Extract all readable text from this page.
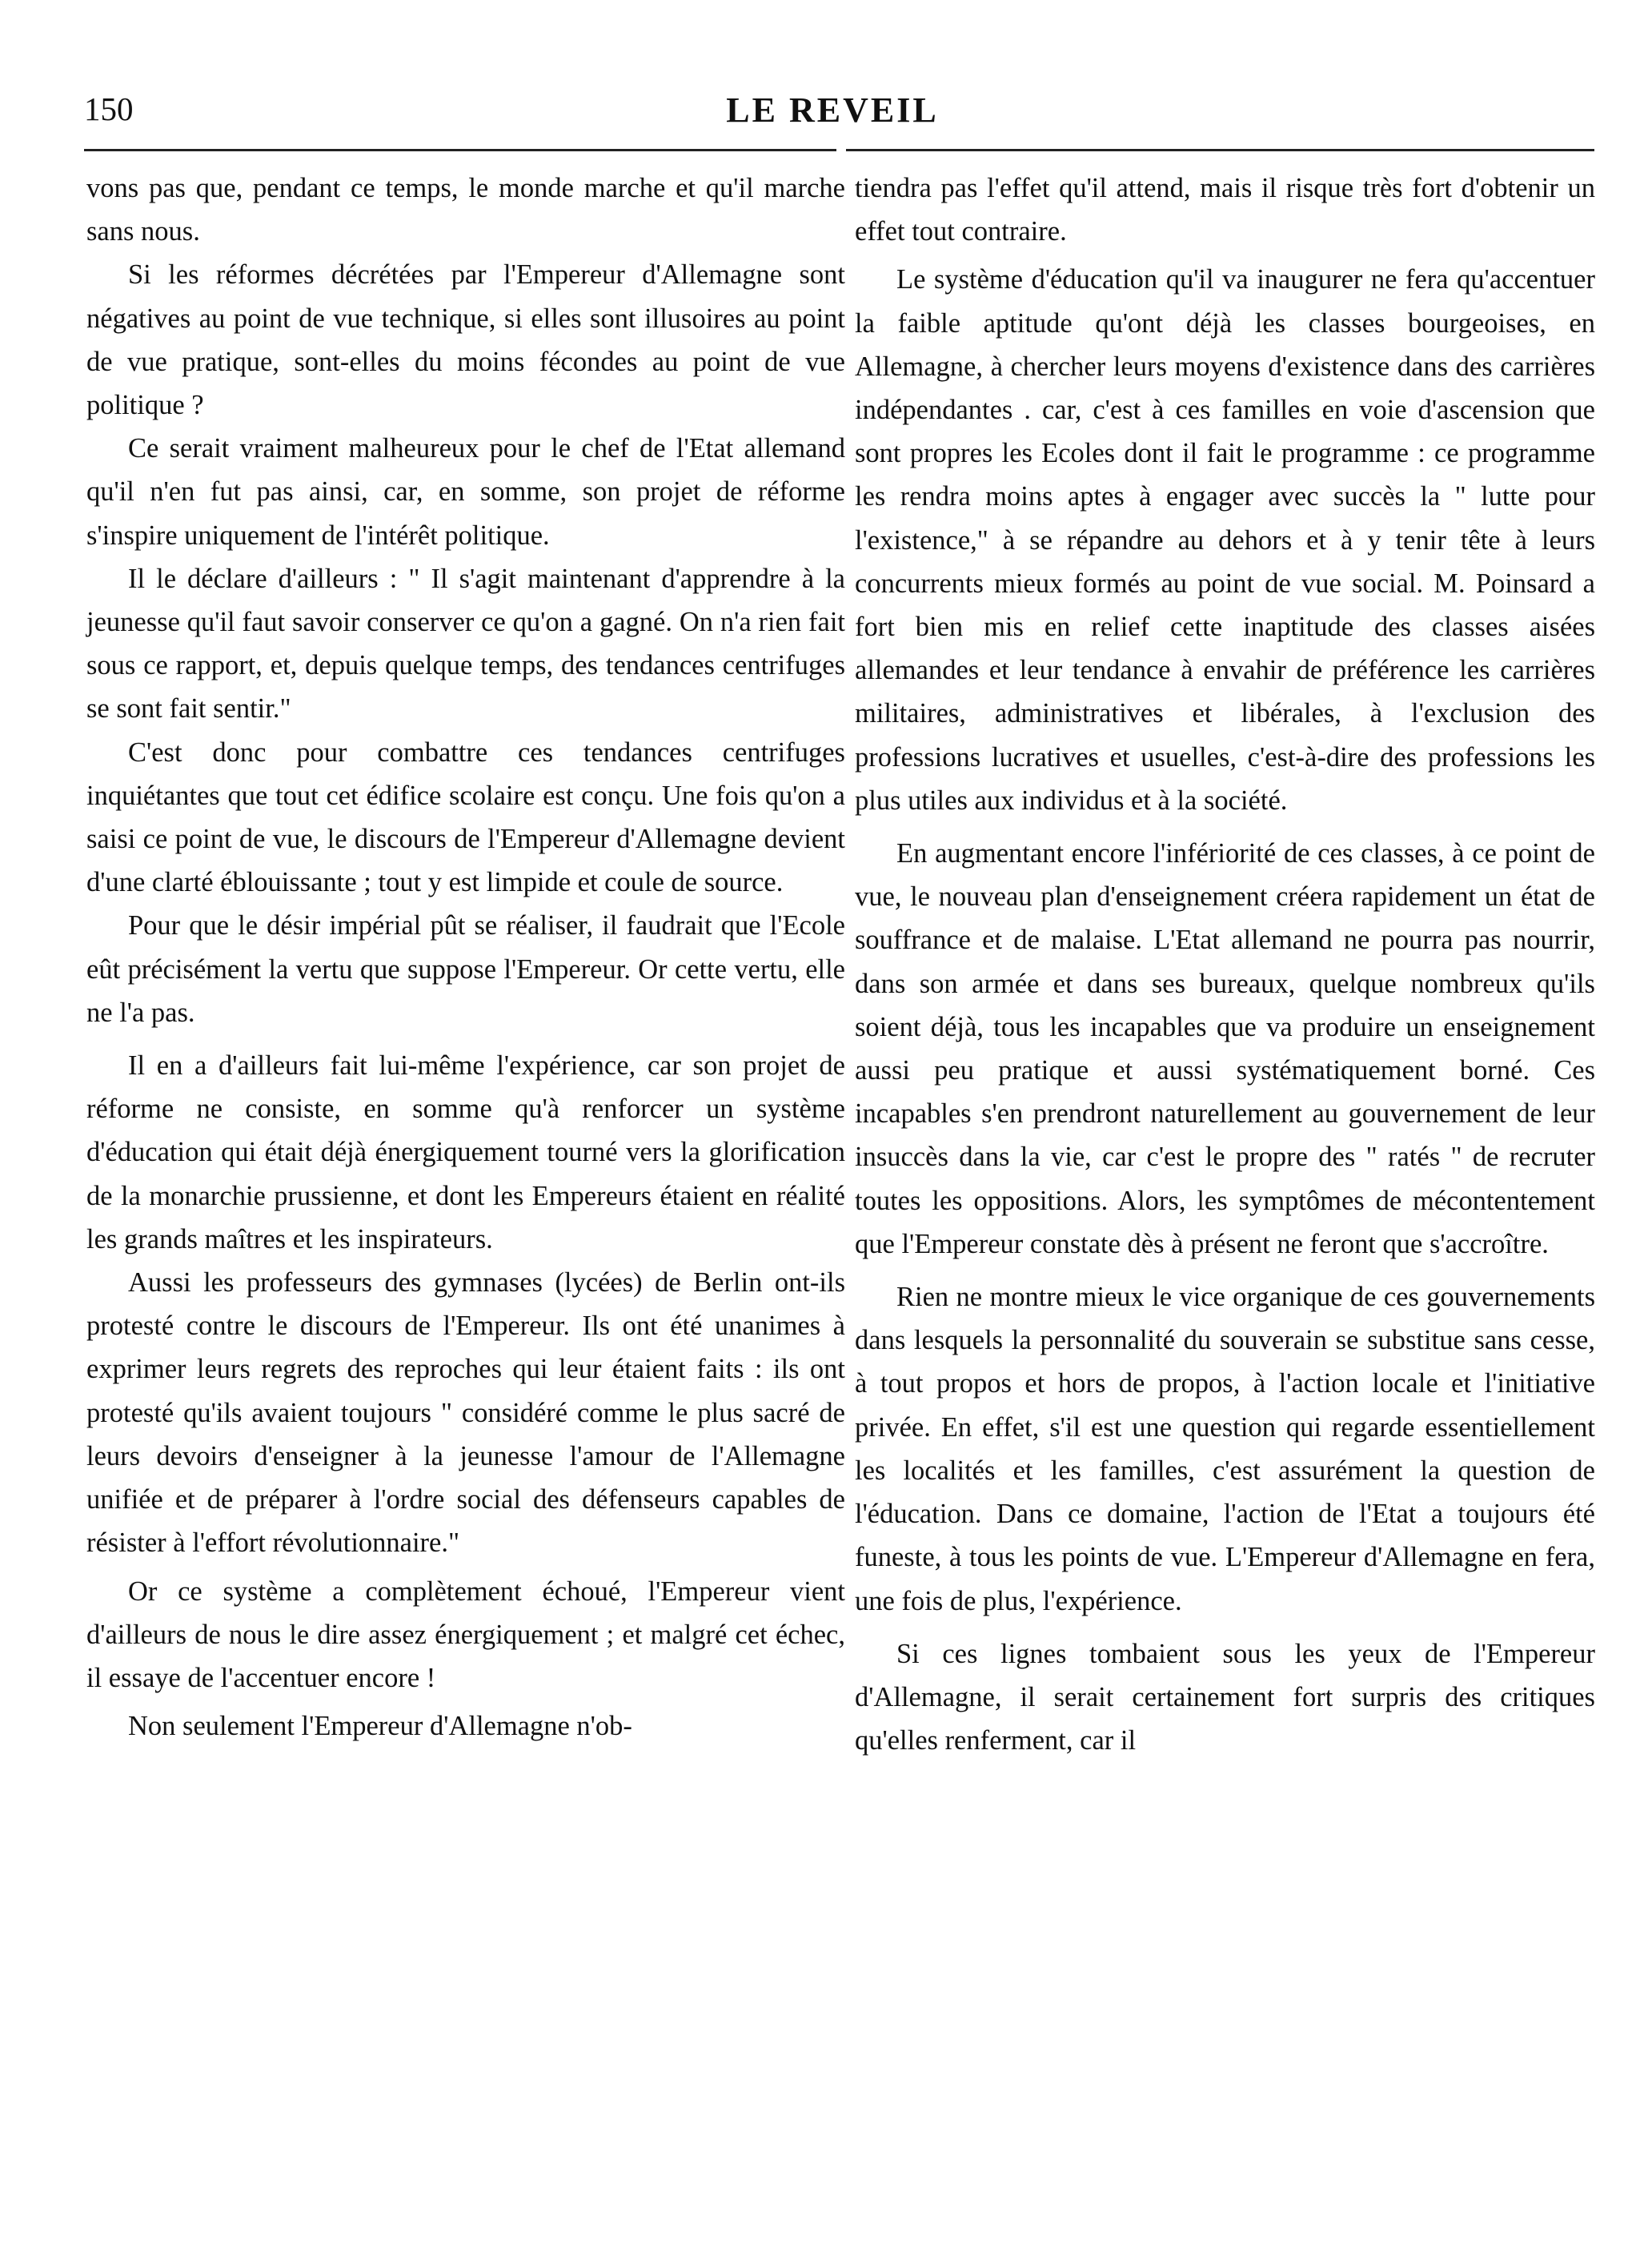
150	LE REVEIL

vons pas que, pendant ce temps, le monde marche et qu'il marche sans nous.

Si les réformes décrétées par l'Empereur d'Allemagne sont négatives au point de vue technique, si elles sont illusoires au point de vue pratique, sont-elles du moins fécondes au point de vue politique ?

Ce serait vraiment malheureux pour le chef de l'Etat allemand qu'il n'en fut pas ainsi, car, en somme, son projet de réforme s'inspire uniquement de l'intérêt politique.

Il le déclare d'ailleurs : " Il s'agit maintenant d'apprendre à la jeunesse qu'il faut savoir conserver ce qu'on a gagné. On n'a rien fait sous ce rapport, et, depuis quelque temps, des tendances centrifuges se sont fait sentir."

C'est donc pour combattre ces tendances centrifuges inquiétantes que tout cet édifice scolaire est conçu. Une fois qu'on a saisi ce point de vue, le discours de l'Empereur d'Allemagne devient d'une clarté éblouissante ; tout y est limpide et coule de source.

Pour que le désir impérial pût se réaliser, il faudrait que l'Ecole eût précisément la vertu que suppose l'Empereur. Or cette vertu, elle ne l'a pas.

Il en a d'ailleurs fait lui-même l'expérience, car son projet de réforme ne consiste, en somme qu'à renforcer un système d'éducation qui était déjà énergiquement tourné vers la glorification de la monarchie prussienne, et dont les Empereurs étaient en réalité les grands maîtres et les inspirateurs.

Aussi les professeurs des gymnases (lycées) de Berlin ont-ils protesté contre le discours de l'Empereur. Ils ont été unanimes à exprimer leurs regrets des reproches qui leur étaient faits : ils ont protesté qu'ils avaient toujours " considéré comme le plus sacré de leurs devoirs d'enseigner à la jeunesse l'amour de l'Allemagne unifiée et de préparer à l'ordre social des défenseurs capables de résister à l'effort révolutionnaire."

Or ce système a complètement échoué, l'Empereur vient d'ailleurs de nous le dire assez énergiquement ; et malgré cet échec, il essaye de l'accentuer encore !

Non seulement l'Empereur d'Allemagne n'ob-

tiendra pas l'effet qu'il attend, mais il risque très fort d'obtenir un effet tout contraire.

Le système d'éducation qu'il va inaugurer ne fera qu'accentuer la faible aptitude qu'ont déjà les classes bourgeoises, en Allemagne, à chercher leurs moyens d'existence dans des carrières indépendantes . car, c'est à ces familles en voie d'ascension que sont propres les Ecoles dont il fait le programme : ce programme les rendra moins aptes à engager avec succès la " lutte pour l'existence," à se répandre au dehors et à y tenir tête à leurs concurrents mieux formés au point de vue social. M. Poinsard a fort bien mis en relief cette inaptitude des classes aisées allemandes et leur tendance à envahir de préférence les carrières militaires, administratives et libérales, à l'exclusion des professions lucratives et usuelles, c'est-à-dire des professions les plus utiles aux individus et à la société.

En augmentant encore l'infériorité de ces classes, à ce point de vue, le nouveau plan d'enseignement créera rapidement un état de souffrance et de malaise. L'Etat allemand ne pourra pas nourrir, dans son armée et dans ses bureaux, quelque nombreux qu'ils soient déjà, tous les incapables que va produire un enseignement aussi peu pratique et aussi systématiquement borné. Ces incapables s'en prendront naturellement au gouvernement de leur insuccès dans la vie, car c'est le propre des " ratés " de recruter toutes les oppositions. Alors, les symptômes de mécontentement que l'Empereur constate dès à présent ne feront que s'accroître.

Rien ne montre mieux le vice organique de ces gouvernements dans lesquels la personnalité du souverain se substitue sans cesse, à tout propos et hors de propos, à l'action locale et l'initiative privée. En effet, s'il est une question qui regarde essentiellement les localités et les familles, c'est assurément la question de l'éducation. Dans ce domaine, l'action de l'Etat a toujours été funeste, à tous les points de vue. L'Empereur d'Allemagne en fera, une fois de plus, l'expérience.

Si ces lignes tombaient sous les yeux de l'Empereur d'Allemagne, il serait certainement fort surpris des critiques qu'elles renferment, car il
